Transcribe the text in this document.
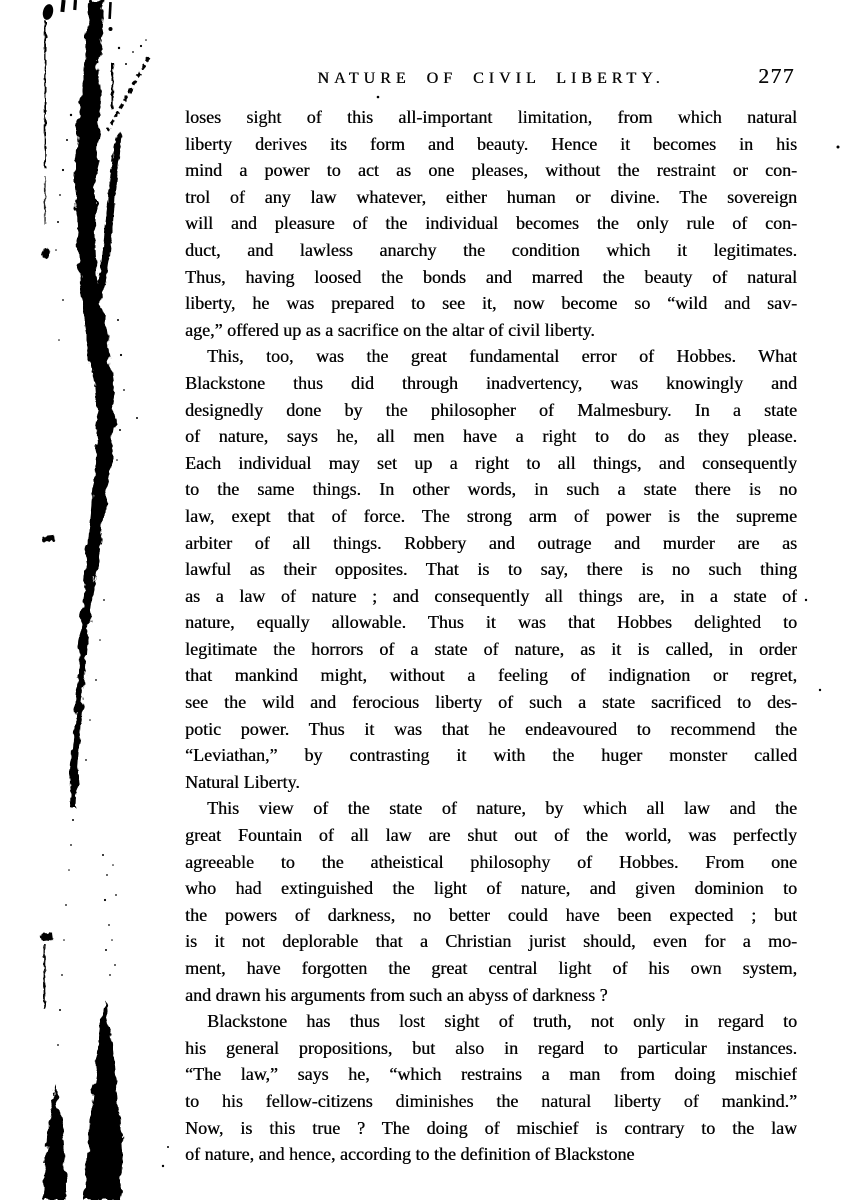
NATURE OF CIVIL LIBERTY.	277
loses sight of this all-important limitation, from which natural
liberty derives its form and beauty. Hence it becomes in his
mind a power to act as one pleases, without the restraint or con-
trol of any law whatever, either human or divine. The sovereign
will and pleasure of the individual becomes the only rule of con-
duct, and lawless anarchy the condition which it legitimates.
Thus, having loosed the bonds and marred the beauty of natural
liberty, he was prepared to see it, now become so “wild and sav-
age,” offered up as a sacrifice on the altar of civil liberty.
This, too, was the great fundamental error of Hobbes. What
Blackstone thus did through inadvertency, was knowingly and
designedly done by the philosopher of Malmesbury. In a state
of nature, says he, all men have a right to do as they please.
Each individual may set up a right to all things, and consequently
to the same things. In other words, in such a state there is no
law, exept that of force. The strong arm of power is the supreme
arbiter of all things. Robbery and outrage and murder are as
lawful as their opposites. That is to say, there is no such thing
as a law of nature ; and consequently all things are, in a state of
nature, equally allowable. Thus it was that Hobbes delighted to
legitimate the horrors of a state of nature, as it is called, in order
that mankind might, without a feeling of indignation or regret,
see the wild and ferocious liberty of such a state sacrificed to des-
potic power. Thus it was that he endeavoured to recommend the
“Leviathan,” by contrasting it with the huger monster called
Natural Liberty.
This view of the state of nature, by which all law and the
great Fountain of all law are shut out of the world, was perfectly
agreeable to the atheistical philosophy of Hobbes. From one
who had extinguished the light of nature, and given dominion to
the powers of darkness, no better could have been expected ; but
is it not deplorable that a Christian jurist should, even for a mo-
ment, have forgotten the great central light of his own system,
and drawn his arguments from such an abyss of darkness ?
Blackstone has thus lost sight of truth, not only in regard to
his general propositions, but also in regard to particular instances.
“The law,” says he, “which restrains a man from doing mischief
to his fellow-citizens diminishes the natural liberty of mankind.”
Now, is this true ? The doing of mischief is contrary to the law
of nature, and hence, according to the definition of Blackstone
